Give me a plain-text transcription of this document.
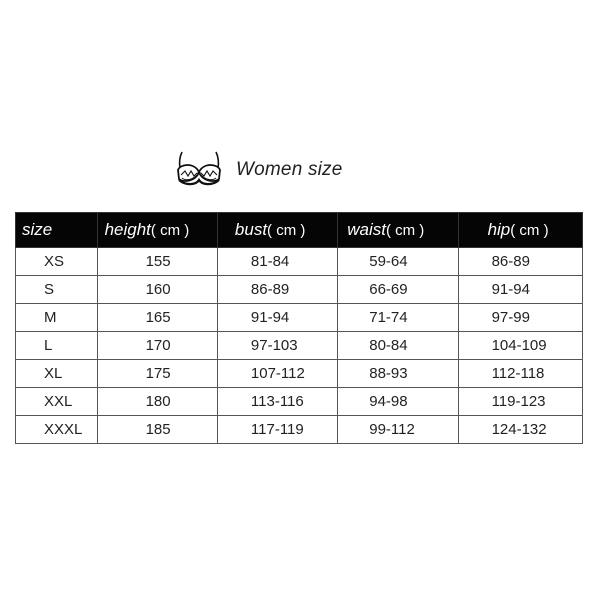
Women size
size	height( cm )	bust( cm )	waist( cm )	hip( cm )
XS	155	81-84	59-64	86-89
S	160	86-89	66-69	91-94
M	165	91-94	71-74	97-99
L	170	97-103	80-84	104-109
XL	175	107-112	88-93	112-118
XXL	180	113-116	94-98	119-123
XXXL	185	117-119	99-112	124-132
